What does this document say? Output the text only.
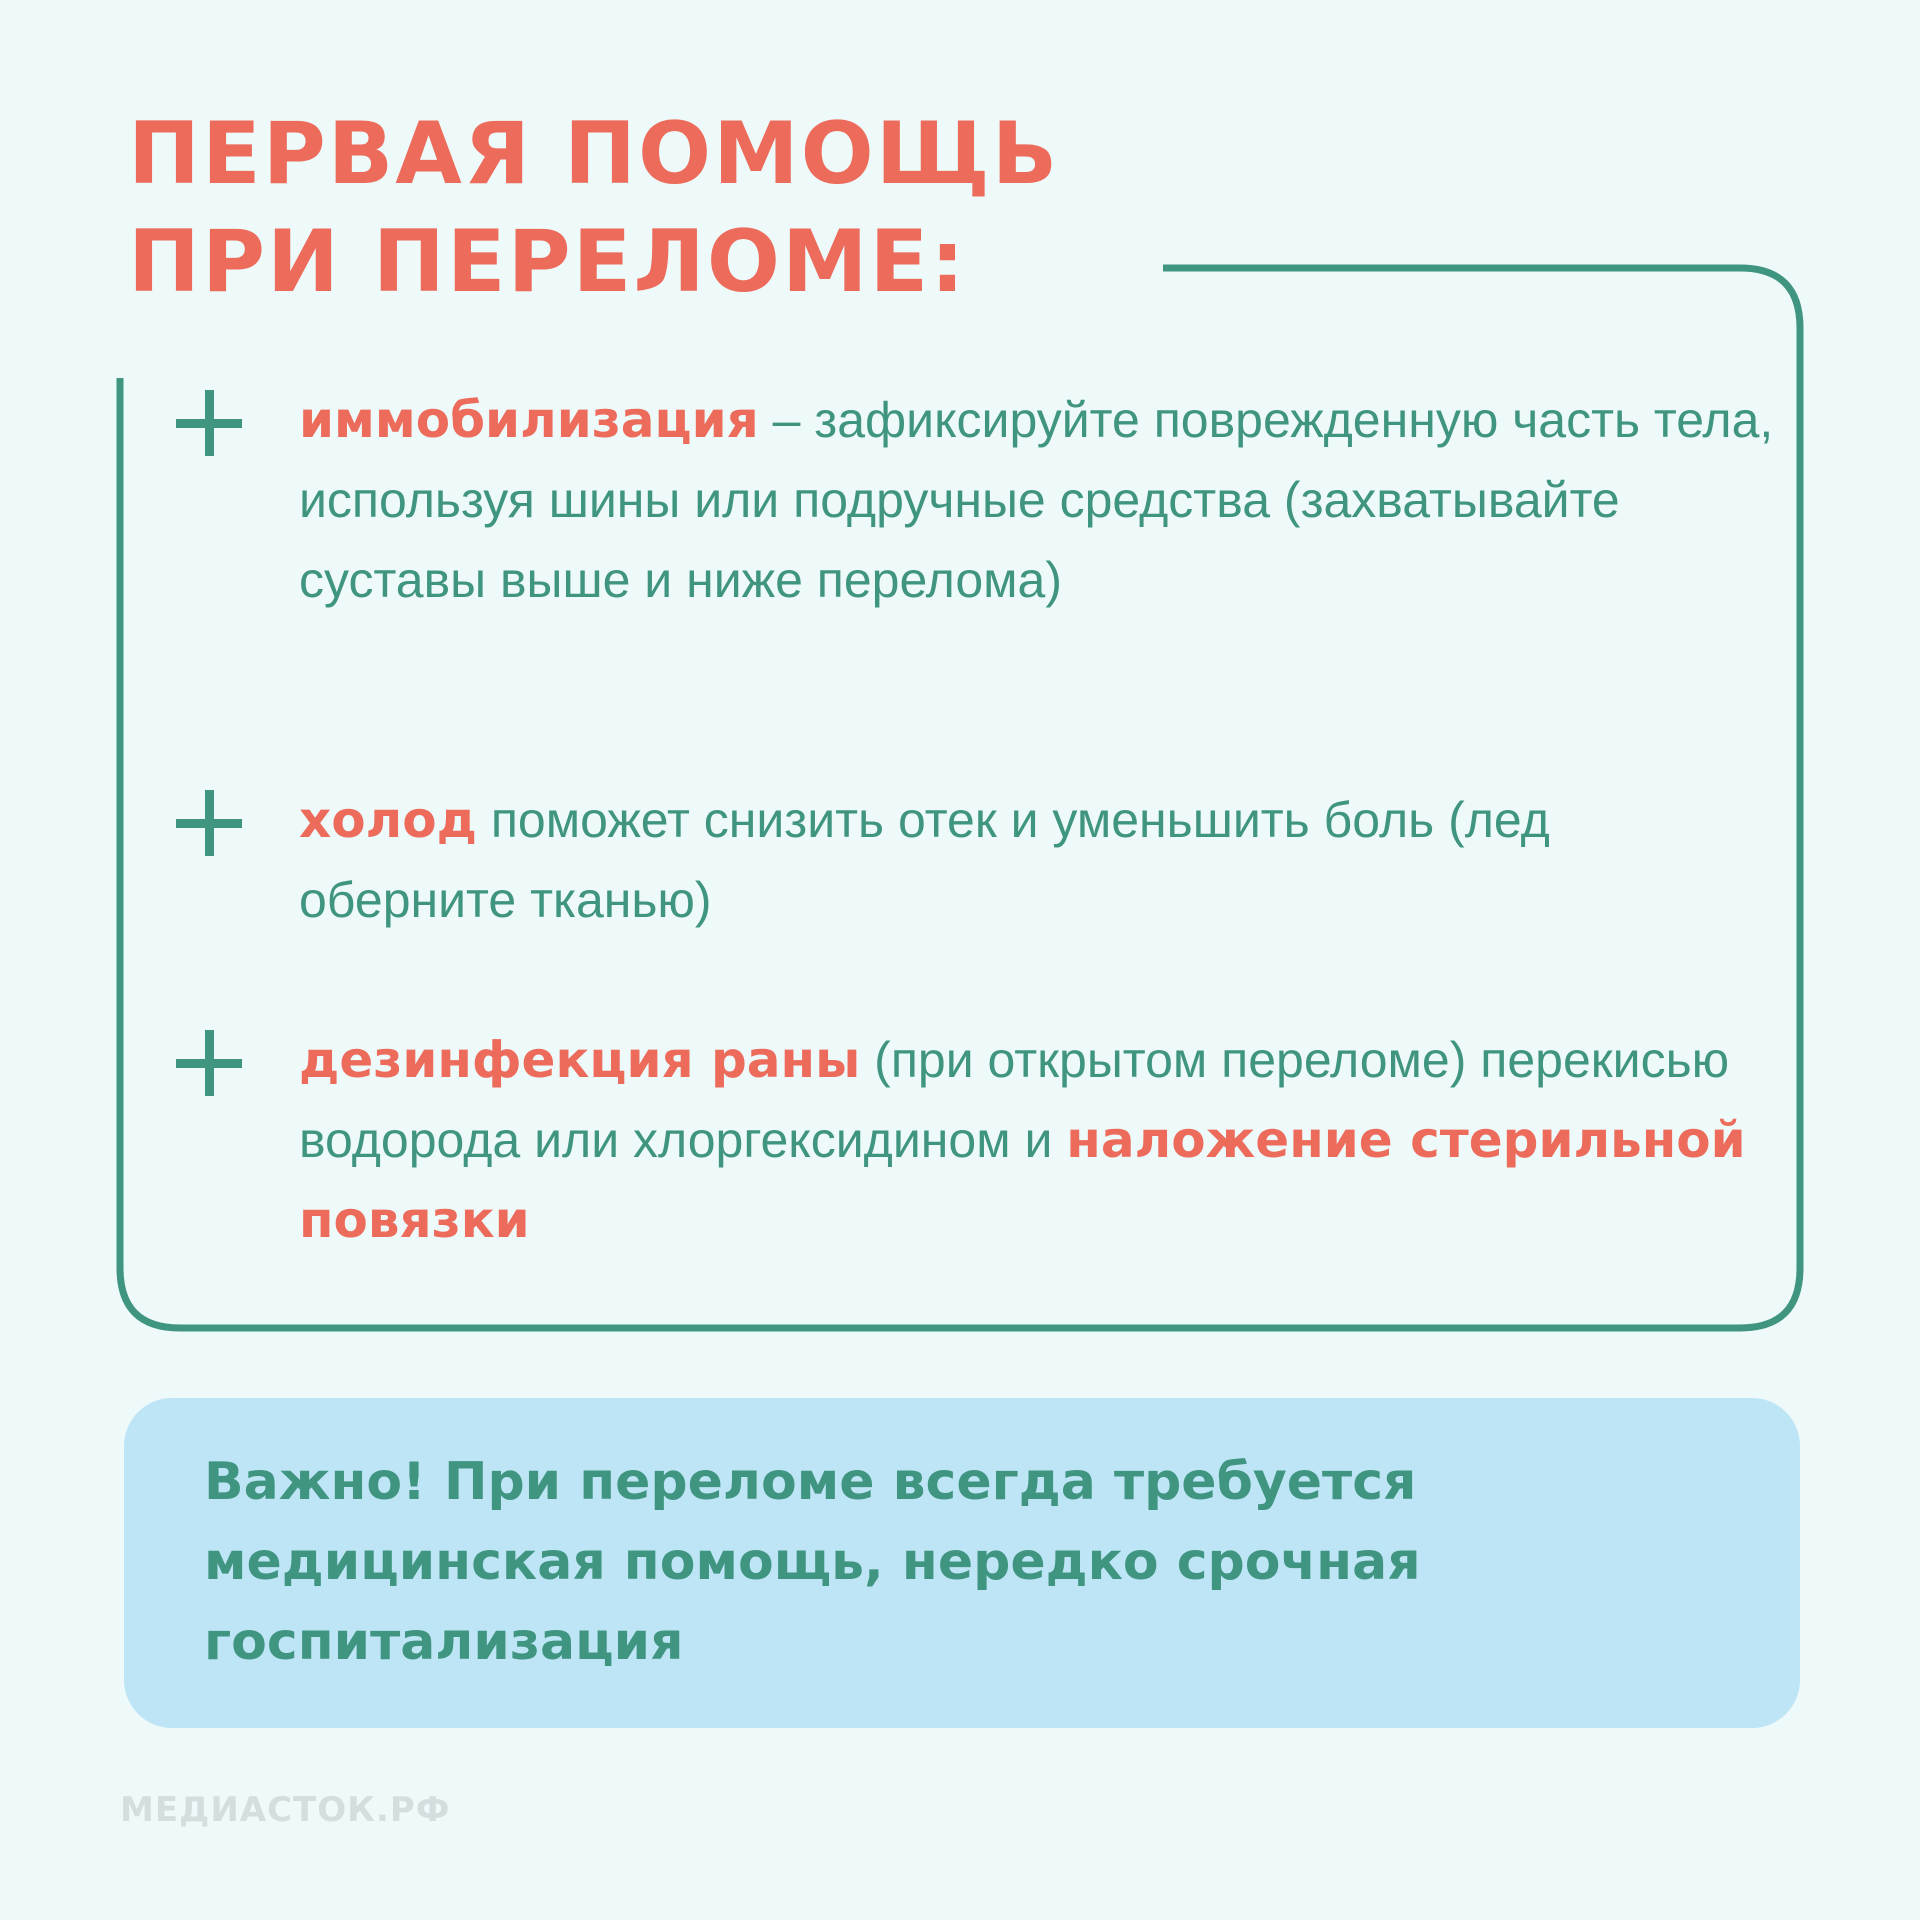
ПЕРВАЯ ПОМОЩЬ
ПРИ ПЕРЕЛОМЕ:
иммобилизация – зафиксируйте поврежденную часть тела, используя шины или подручные средства (захватывайте суставы выше и ниже перелома)
холод поможет снизить отек и уменьшить боль (лед оберните тканью)
дезинфекция раны (при открытом переломе) перекисью водорода или хлоргексидином и наложение стерильной повязки

Важно! При переломе всегда требуется медицинская помощь, нередко срочная госпитализация

МЕДИАСТОК.РФ
